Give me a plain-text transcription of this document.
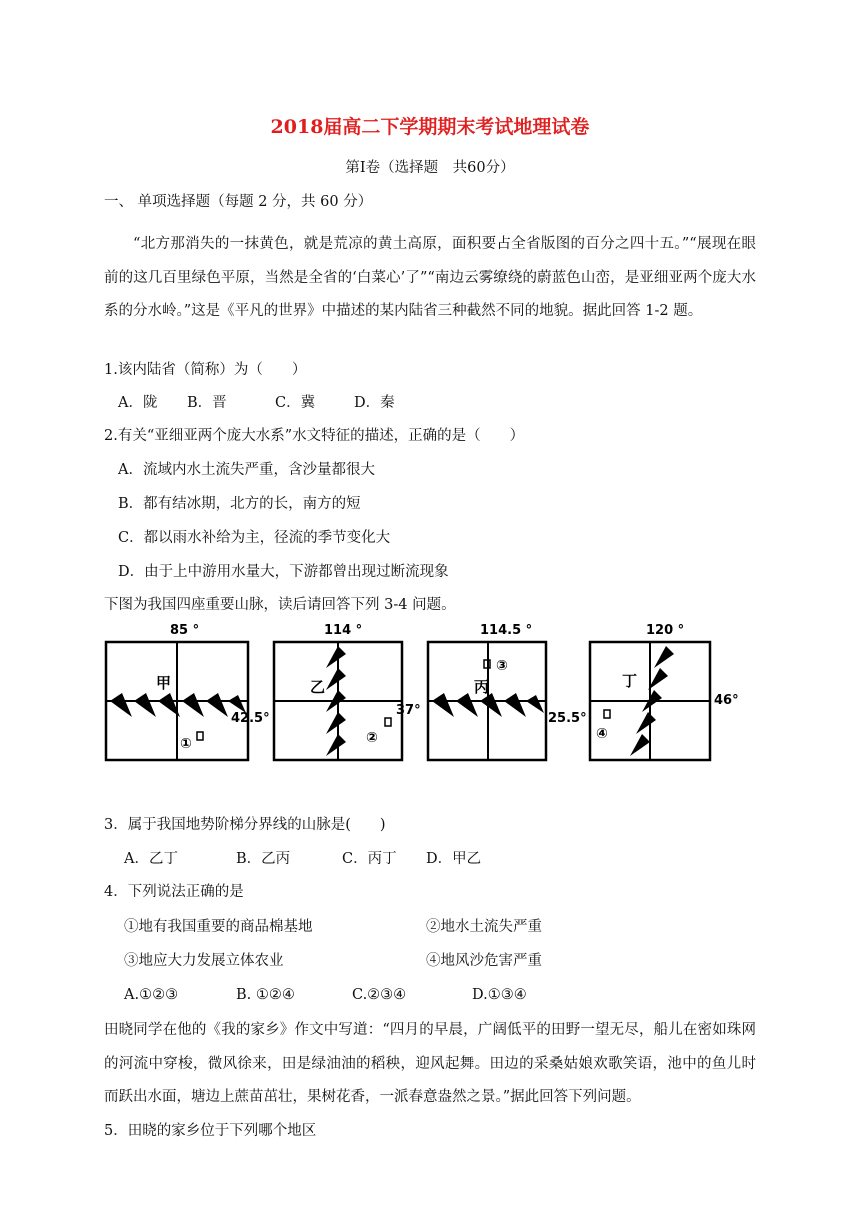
2018届高二下学期期末考试地理试卷
第Ⅰ卷（选择题　共60分）
一、 单项选择题（每题 2 分，共 60 分）
“北方那消失的一抹黄色，就是荒凉的黄土高原，面积要占全省版图的百分之四十五。”“展现在眼前的这几百里绿色平原，当然是全省的‘白菜心’了”“南边云雾缭绕的蔚蓝色山峦，是亚细亚两个庞大水系的分水岭。”这是《平凡的世界》中描述的某内陆省三种截然不同的地貌。据此回答 1-2 题。
1.该内陆省（简称）为（　　）
A．陇 B．晋	C．冀	D．秦
2.有关“亚细亚两个庞大水系”水文特征的描述，正确的是（　　）
A．流域内水土流失严重，含沙量都很大
B．都有结冰期，北方的长，南方的短
C．都以雨水补给为主，径流的季节变化大
D．由于上中游用水量大，下游都曾出现过断流现象
下图为我国四座重要山脉，读后请回答下列 3-4 问题。
85 °
甲
①
42.5°
114 °
乙
②
37°
114.5 °
丙
③
25.5°
120 °
丁
④
46°
3．属于我国地势阶梯分界线的山脉是(　　)
A．乙丁	B．乙丙	C．丙丁 D．甲乙
4．下列说法正确的是
①地有我国重要的商品棉基地	②地水土流失严重
③地应大力发展立体农业	④地风沙危害严重
A.①②③	B. ①②④	C.②③④	D.①③④
田晓同学在他的《我的家乡》作文中写道：“四月的早晨，广阔低平的田野一望无尽，船儿在密如珠网的河流中穿梭，微风徐来，田是绿油油的稻秧，迎风起舞。田边的采桑姑娘欢歌笑语，池中的鱼儿时而跃出水面，塘边上蔗苗茁壮，果树花香，一派春意盎然之景。”据此回答下列问题。
5．田晓的家乡位于下列哪个地区
